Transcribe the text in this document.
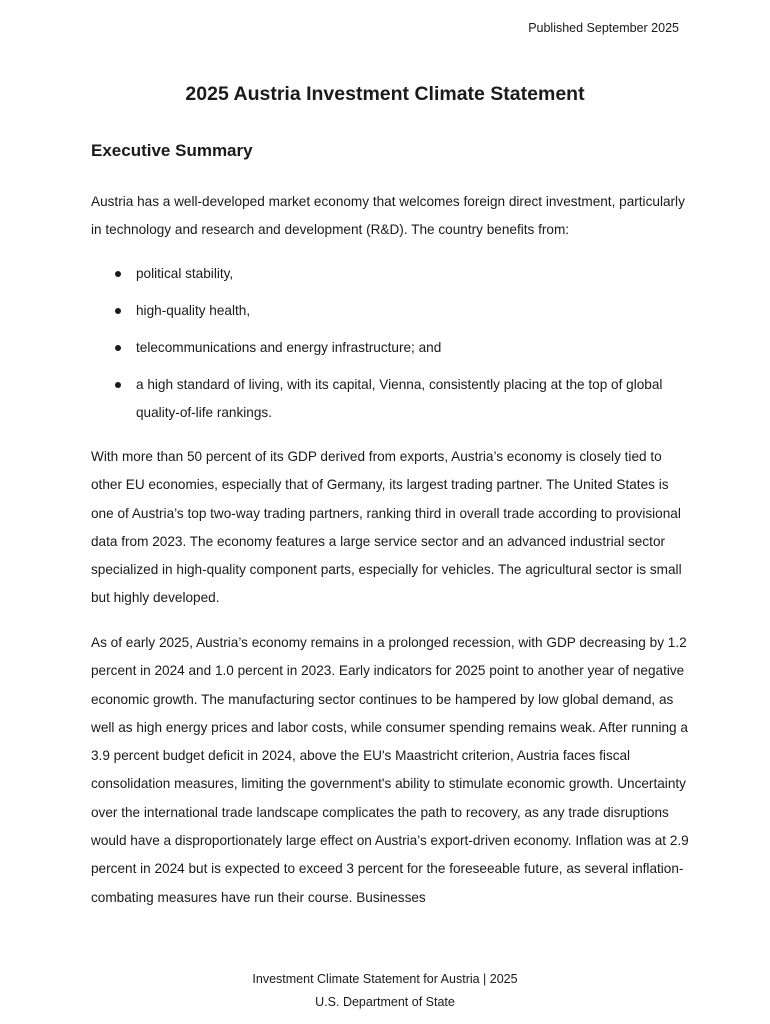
Published September 2025
2025 Austria Investment Climate Statement
Executive Summary

Austria has a well-developed market economy that welcomes foreign direct investment, particularly in technology and research and development (R&D). The country benefits from:

political stability,
high-quality health,
telecommunications and energy infrastructure; and
a high standard of living, with its capital, Vienna, consistently placing at the top of global quality-of-life rankings.

With more than 50 percent of its GDP derived from exports, Austria’s economy is closely tied to other EU economies, especially that of Germany, its largest trading partner. The United States is one of Austria’s top two-way trading partners, ranking third in overall trade according to provisional data from 2023. The economy features a large service sector and an advanced industrial sector specialized in high-quality component parts, especially for vehicles. The agricultural sector is small but highly developed.

As of early 2025, Austria’s economy remains in a prolonged recession, with GDP decreasing by 1.2 percent in 2024 and 1.0 percent in 2023. Early indicators for 2025 point to another year of negative economic growth. The manufacturing sector continues to be hampered by low global demand, as well as high energy prices and labor costs, while consumer spending remains weak. After running a 3.9 percent budget deficit in 2024, above the EU's Maastricht criterion, Austria faces fiscal consolidation measures, limiting the government's ability to stimulate economic growth. Uncertainty over the international trade landscape complicates the path to recovery, as any trade disruptions would have a disproportionately large effect on Austria’s export-driven economy. Inflation was at 2.9 percent in 2024 but is expected to exceed 3 percent for the foreseeable future, as several inflation-combating measures have run their course. Businesses

Investment Climate Statement for Austria | 2025
U.S. Department of State
